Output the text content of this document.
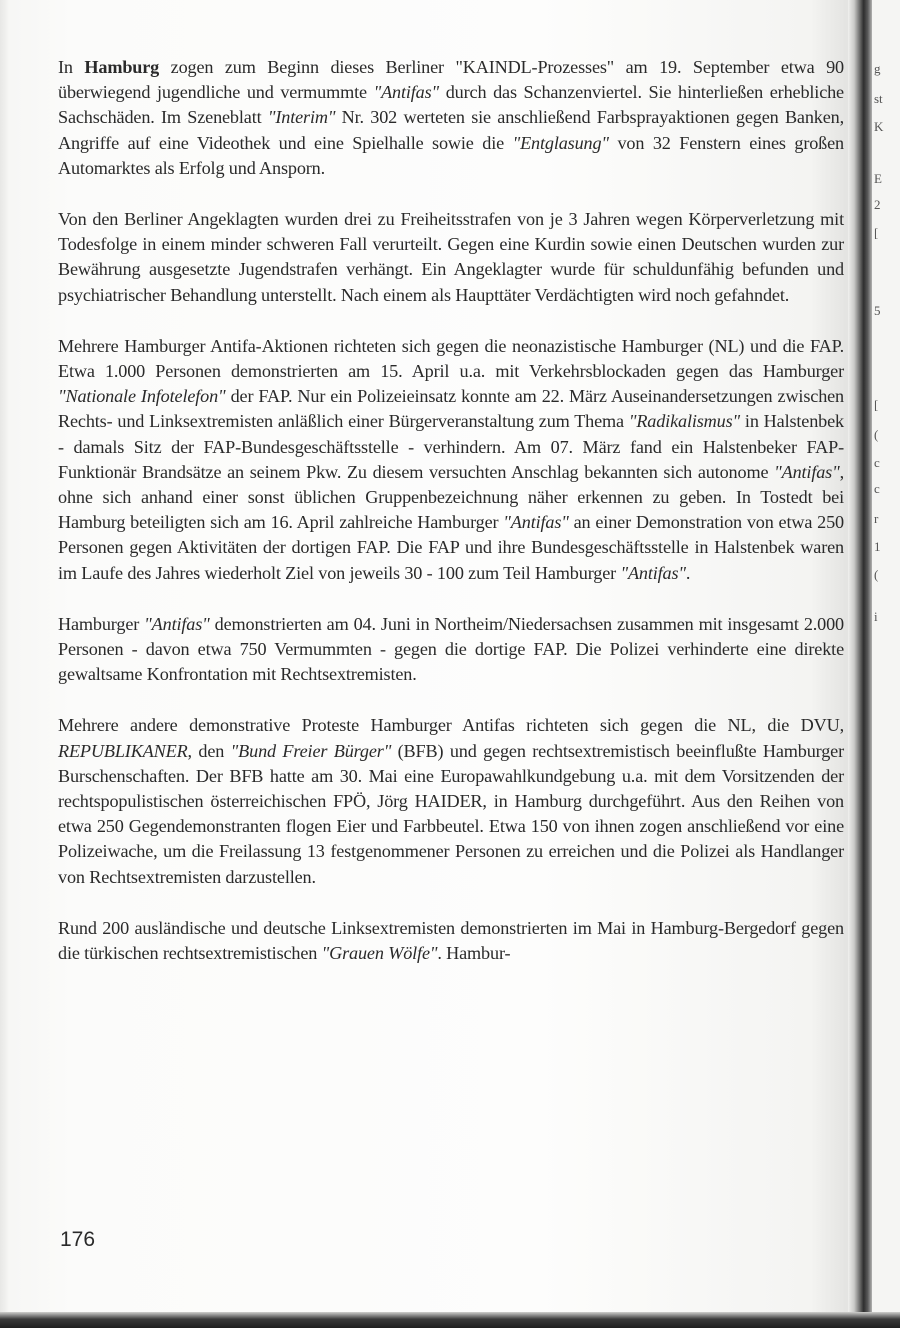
In Hamburg zogen zum Beginn dieses Berliner "KAINDL-Prozesses" am 19. September etwa 90 überwiegend jugendliche und vermummte "Antifas" durch das Schanzenviertel. Sie hinterließen erhebliche Sachschäden. Im Szeneblatt "Interim" Nr. 302 werteten sie anschließend Farbsprayaktionen gegen Banken, Angriffe auf eine Videothek und eine Spielhalle sowie die "Entglasung" von 32 Fenstern eines großen Automarktes als Erfolg und Ansporn.

Von den Berliner Angeklagten wurden drei zu Freiheitsstrafen von je 3 Jahren wegen Körperverletzung mit Todesfolge in einem minder schweren Fall verurteilt. Gegen eine Kurdin sowie einen Deutschen wurden zur Bewährung ausgesetzte Jugendstrafen verhängt. Ein Angeklagter wurde für schuldunfähig befunden und psychiatrischer Behandlung unterstellt. Nach einem als Haupttäter Verdächtigten wird noch gefahndet.

Mehrere Hamburger Antifa-Aktionen richteten sich gegen die neonazistische Hamburger (NL) und die FAP. Etwa 1.000 Personen demonstrierten am 15. April u.a. mit Verkehrsblockaden gegen das Hamburger "Nationale Infotelefon" der FAP. Nur ein Polizeieinsatz konnte am 22. März Auseinandersetzungen zwischen Rechts- und Linksextremisten anläßlich einer Bürgerveranstaltung zum Thema "Radikalismus" in Halstenbek - damals Sitz der FAP-Bundesgeschäftsstelle - verhindern. Am 07. März fand ein Halstenbeker FAP-Funktionär Brandsätze an seinem Pkw. Zu diesem versuchten Anschlag bekannten sich autonome "Antifas", ohne sich anhand einer sonst üblichen Gruppenbezeichnung näher erkennen zu geben. In Tostedt bei Hamburg beteiligten sich am 16. April zahlreiche Hamburger "Antifas" an einer Demonstration von etwa 250 Personen gegen Aktivitäten der dortigen FAP. Die FAP und ihre Bundesgeschäftsstelle in Halstenbek waren im Laufe des Jahres wiederholt Ziel von jeweils 30 - 100 zum Teil Hamburger "Antifas".

Hamburger "Antifas" demonstrierten am 04. Juni in Northeim/Niedersachsen zusammen mit insgesamt 2.000 Personen - davon etwa 750 Vermummten - gegen die dortige FAP. Die Polizei verhinderte eine direkte gewaltsame Konfrontation mit Rechtsextremisten.

Mehrere andere demonstrative Proteste Hamburger Antifas richteten sich gegen die NL, die DVU, REPUBLIKANER, den "Bund Freier Bürger" (BFB) und gegen rechtsextremistisch beeinflußte Hamburger Burschenschaften. Der BFB hatte am 30. Mai eine Europawahlkundgebung u.a. mit dem Vorsitzenden der rechtspopulistischen österreichischen FPÖ, Jörg HAIDER, in Hamburg durchgeführt. Aus den Reihen von etwa 250 Gegendemonstranten flogen Eier und Farbbeutel. Etwa 150 von ihnen zogen anschließend vor eine Polizeiwache, um die Freilassung 13 festgenommener Personen zu erreichen und die Polizei als Handlanger von Rechtsextremisten darzustellen.

Rund 200 ausländische und deutsche Linksextremisten demonstrierten im Mai in Hamburg-Bergedorf gegen die türkischen rechtsextremistischen "Grauen Wölfe". Hambur-

176
g
st
K
E
2
[
5
[
(
c
c
r
1
(
i
